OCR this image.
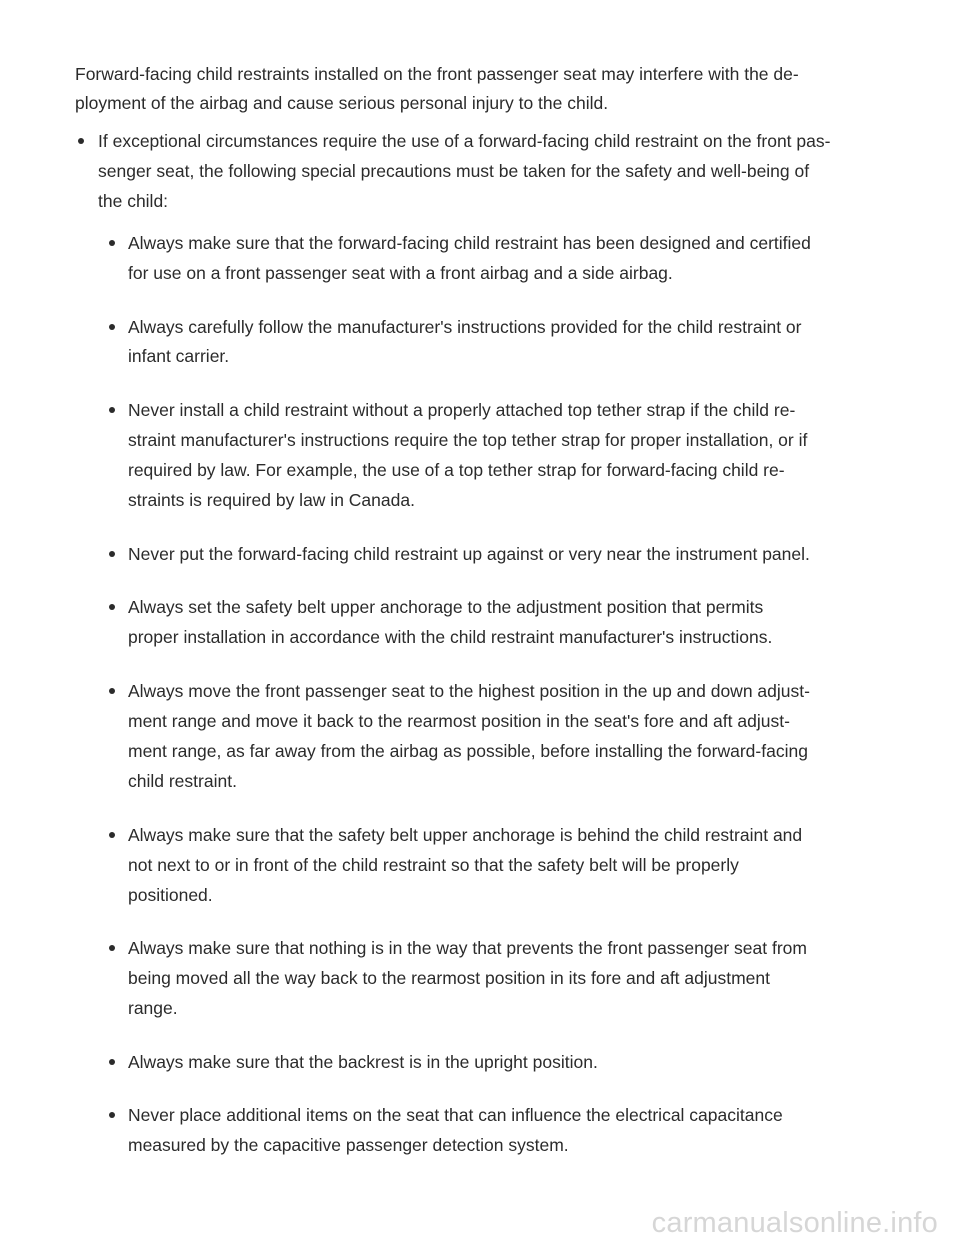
Forward-facing child restraints installed on the front passenger seat may interfere with the de-
ployment of the airbag and cause serious personal injury to the child.
If exceptional circumstances require the use of a forward-facing child restraint on the front pas-
senger seat, the following special precautions must be taken for the safety and well-being of
the child:
Always make sure that the forward-facing child restraint has been designed and certified
for use on a front passenger seat with a front airbag and a side airbag.
Always carefully follow the manufacturer's instructions provided for the child restraint or
infant carrier.
Never install a child restraint without a properly attached top tether strap if the child re-
straint manufacturer's instructions require the top tether strap for proper installation, or if
required by law. For example, the use of a top tether strap for forward-facing child re-
straints is required by law in Canada.
Never put the forward-facing child restraint up against or very near the instrument panel.
Always set the safety belt upper anchorage to the adjustment position that permits
proper installation in accordance with the child restraint manufacturer's instructions.
Always move the front passenger seat to the highest position in the up and down adjust-
ment range and move it back to the rearmost position in the seat's fore and aft adjust-
ment range, as far away from the airbag as possible, before installing the forward-facing
child restraint.
Always make sure that the safety belt upper anchorage is behind the child restraint and
not next to or in front of the child restraint so that the safety belt will be properly
positioned.
Always make sure that nothing is in the way that prevents the front passenger seat from
being moved all the way back to the rearmost position in its fore and aft adjustment
range.
Always make sure that the backrest is in the upright position.
Never place additional items on the seat that can influence the electrical capacitance
measured by the capacitive passenger detection system.
carmanualsonline.info
